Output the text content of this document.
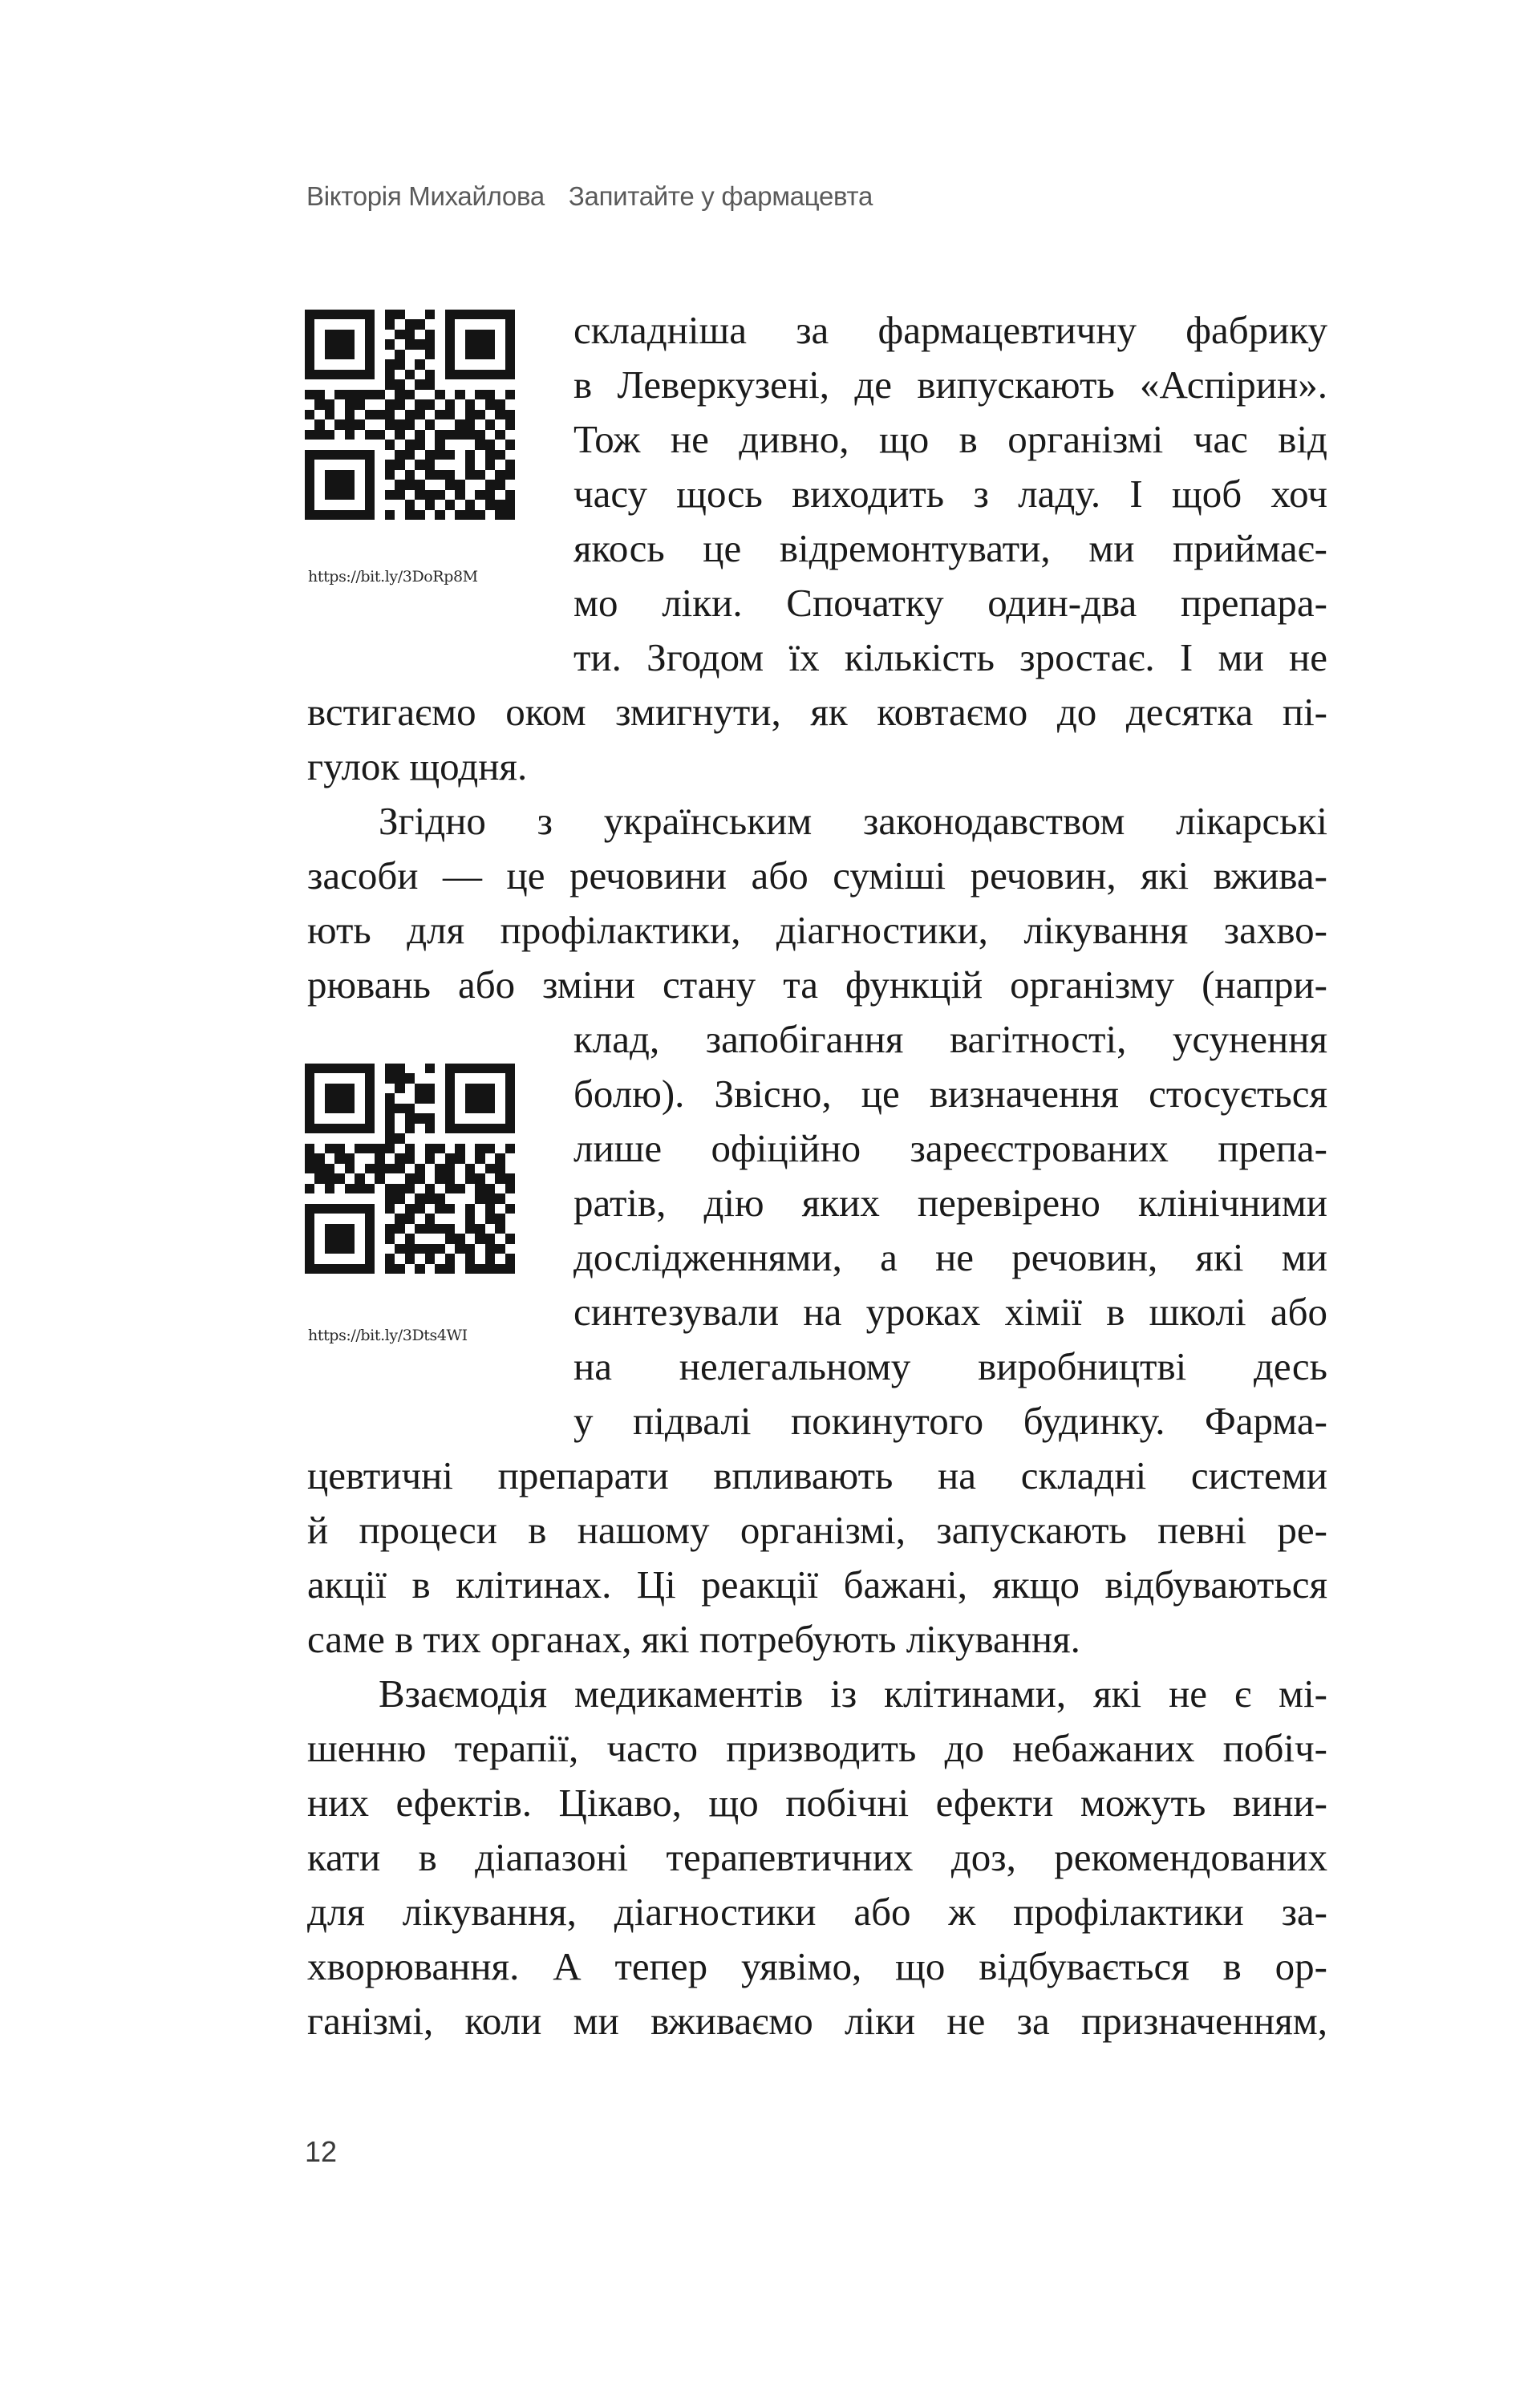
Вікторія Михайлова Запитайте у фармацевта
https://bit.ly/3DoRp8M
https://bit.ly/3Dts4WI
складніша за фармацевтичну фабрику
в Леверкузені, де випускають «Аспірин».
Тож не дивно, що в організмі час від
часу щось виходить з ладу. І щоб хоч
якось це відремонтувати, ми приймає-
мо ліки. Спочатку один-два препара-
ти. Згодом їх кількість зростає. І ми не
встигаємо оком змигнути, як ковтаємо до десятка пі-
гулок щодня.
Згідно з українським законодавством лікарські
засоби — це речовини або суміші речовин, які вжива-
ють для профілактики, діагностики, лікування захво-
рювань або зміни стану та функцій організму (напри-
клад, запобігання вагітності, усунення
болю). Звісно, це визначення стосується
лише офіційно зареєстрованих препа-
ратів, дію яких перевірено клінічними
дослідженнями, а не речовин, які ми
синтезували на уроках хімії в школі або
на нелегальному виробництві десь
у підвалі покинутого будинку. Фарма-
цевтичні препарати впливають на складні системи
й процеси в нашому організмі, запускають певні ре-
акції в клітинах. Ці реакції бажані, якщо відбуваються
саме в тих органах, які потребують лікування.
Взаємодія медикаментів із клітинами, які не є мі-
шенню терапії, часто призводить до небажаних побіч-
них ефектів. Цікаво, що побічні ефекти можуть вини-
кати в діапазоні терапевтичних доз, рекомендованих
для лікування, діагностики або ж профілактики за-
хворювання. А тепер уявімо, що відбувається в ор-
ганізмі, коли ми вживаємо ліки не за призначенням,
12
